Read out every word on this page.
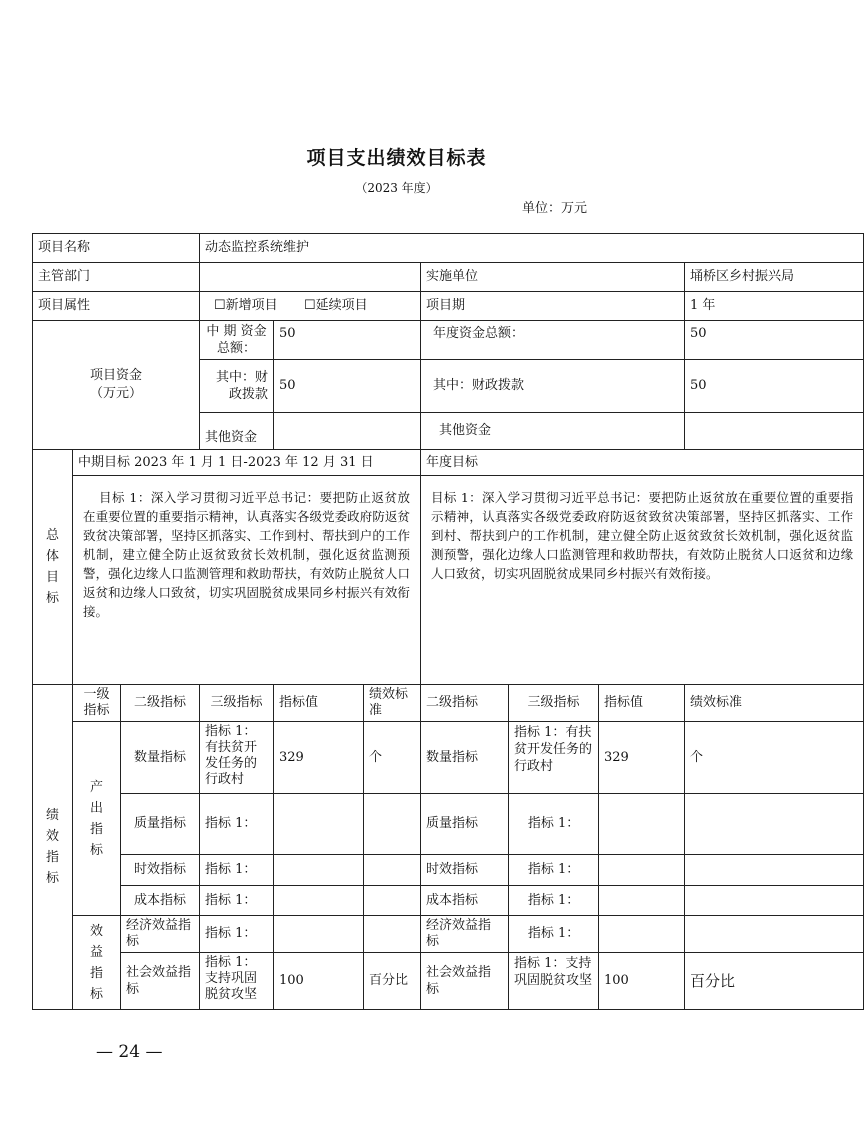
项目支出绩效目标表
（2023 年度）
单位：万元
项目名称			动态监控系统维护						
主管部门						实施单位			埇桥区乡村振兴局
项目属性			☐新增项目 ☐延续项目			项目期			1 年
项目资金（万元）			中 期 资金总额：	50		年度资金总额：			50
			其中：财政拨款	50		其中：财政拨款			50
			其他资金			其他资金			
总体目标	中期目标 2023 年 1 月 1 日-2023 年 12 月 31 日					年度目标			
	目标 1：深入学习贯彻习近平总书记：要把防止返贫放在重要位置的重要指示精神，认真落实各级党委政府防返贫致贫决策部署，坚持区抓落实、工作到村、帮扶到户的工作机制，建立健全防止返贫致贫长效机制，强化返贫监测预警，强化边缘人口监测管理和救助帮扶，有效防止脱贫人口返贫和边缘人口致贫，切实巩固脱贫成果同乡村振兴有效衔接。					目标 1：深入学习贯彻习近平总书记：要把防止返贫放在重要位置的重要指示精神，认真落实各级党委政府防返贫致贫决策部署，坚持区抓落实、工作到村、帮扶到户的工作机制，建立健全防止返贫致贫长效机制，强化返贫监测预警，强化边缘人口监测管理和救助帮扶，有效防止脱贫人口返贫和边缘人口致贫，切实巩固脱贫成果同乡村振兴有效衔接。			
绩效指标	一级指标	二级指标	三级指标	指标值	绩效标准	二级指标	三级指标	指标值	绩效标准
	产出指标	数量指标	指标 1：有扶贫开发任务的行政村	329	个	数量指标	指标 1：有扶贫开发任务的行政村	329	个
		质量指标	指标 1：			质量指标	指标 1：		
		时效指标	指标 1：			时效指标	指标 1：		
		成本指标	指标 1：			成本指标	指标 1：		
	效益指标	经济效益指标	指标 1：			经济效益指标	指标 1：		
		社会效益指标	指标 1：支持巩固脱贫攻坚	100	百分比	社会效益指标	指标 1：支持巩固脱贫攻坚	100	百分比
— 24 —
